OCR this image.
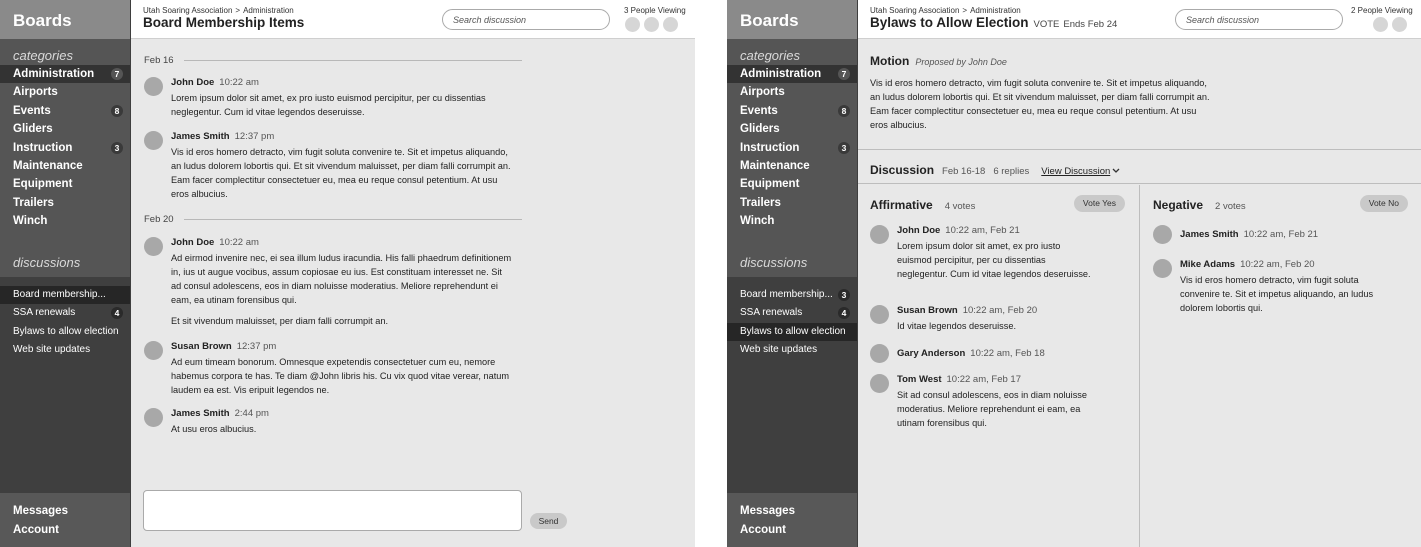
Boards
categories
Administration	7
Airports
Events	8
Gliders
Instruction	3
Maintenance
Equipment
Trailers
Winch
discussions
Board membership...
SSA renewals	4
Bylaws to allow election
Web site updates
Messages
Account
Utah Soaring Association > Administration
Board Membership Items
Search discussion
3 People Viewing
Feb 16
John Doe 10:22 am
Lorem ipsum dolor sit amet, ex pro iusto euismod percipitur, per cu dissentias neglegentur. Cum id vitae legendos deseruisse.
James Smith 12:37 pm
Vis id eros homero detracto, vim fugit soluta convenire te. Sit et impetus aliquando, an ludus dolorem lobortis qui. Et sit vivendum maluisset, per diam falli corrumpit an. Eam facer complectitur consectetuer eu, mea eu reque consul petentium. At usu eros albucius.
Feb 20
John Doe 10:22 am
Ad eirmod invenire nec, ei sea illum ludus iracundia. His falli phaedrum definitionem in, ius ut augue vocibus, assum copiosae eu ius. Est constituam interesset ne. Sit ad consul adolescens, eos in diam noluisse moderatius. Meliore reprehendunt ei eam, ea utinam forensibus qui.
Et sit vivendum maluisset, per diam falli corrumpit an.
Susan Brown 12:37 pm
Ad eum timeam bonorum. Omnesque expetendis consectetuer cum eu, nemore habemus corpora te has. Te diam @John libris his. Cu vix quod vitae verear, natum laudem ea est. Vis eripuit legendos ne.
James Smith 2:44 pm
At usu eros albucius.
Send
Boards
categories
Administration	7
Airports
Events	8
Gliders
Instruction	3
Maintenance
Equipment
Trailers
Winch
discussions
Board membership...	3
SSA renewals	4
Bylaws to allow election
Web site updates
Messages
Account
Utah Soaring Association > Administration
Bylaws to Allow Election VOTE Ends Feb 24
Search discussion
2 People Viewing
Motion Proposed by John Doe
Vis id eros homero detracto, vim fugit soluta convenire te. Sit et impetus aliquando, an ludus dolorem lobortis qui. Et sit vivendum maluisset, per diam falli corrumpit an. Eam facer complectitur consectetuer eu, mea eu reque consul petentium. At usu eros albucius.
Discussion Feb 16-18 6 replies View Discussion
Affirmative 4 votes	Vote Yes
John Doe 10:22 am, Feb 21
Lorem ipsum dolor sit amet, ex pro iusto euismod percipitur, per cu dissentias neglegentur. Cum id vitae legendos deseruisse.
Susan Brown 10:22 am, Feb 20
Id vitae legendos deseruisse.
Gary Anderson 10:22 am, Feb 18
Tom West 10:22 am, Feb 17
Sit ad consul adolescens, eos in diam noluisse moderatius. Meliore reprehendunt ei eam, ea utinam forensibus qui.
Negative 2 votes	Vote No
James Smith 10:22 am, Feb 21
Mike Adams 10:22 am, Feb 20
Vis id eros homero detracto, vim fugit soluta convenire te. Sit et impetus aliquando, an ludus dolorem lobortis qui.
